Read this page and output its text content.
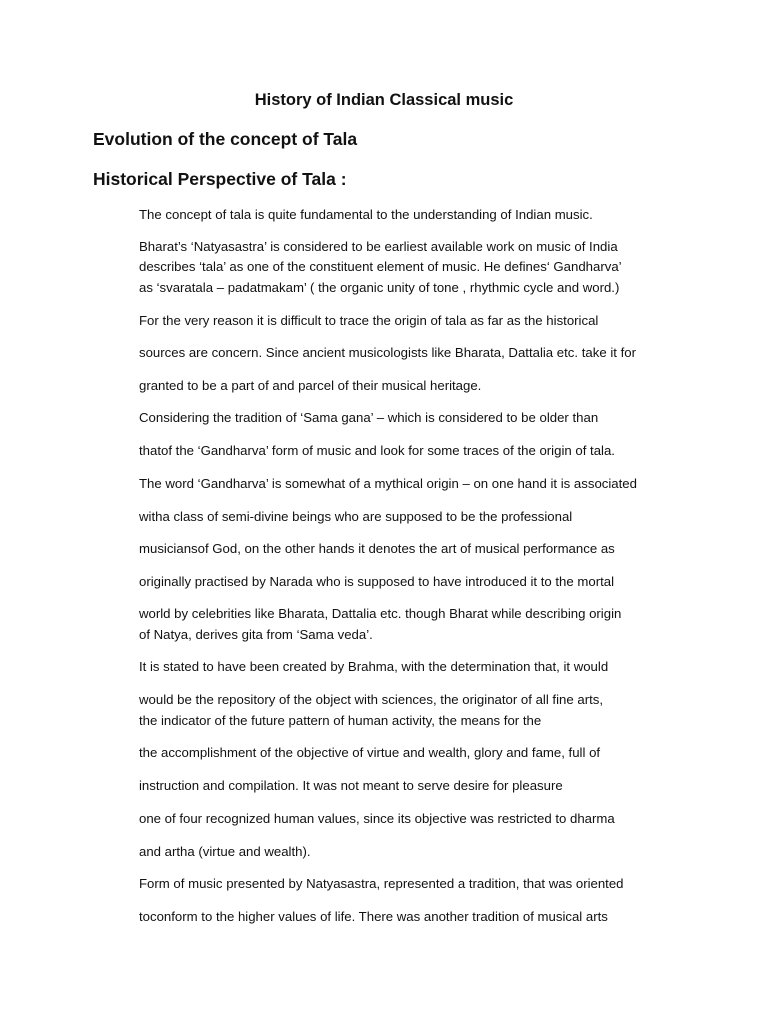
History of Indian Classical music
Evolution of the concept of Tala
Historical Perspective of Tala :
The concept of tala is quite fundamental to the understanding of Indian music.
Bharat’s ‘Natyasastra’ is considered to be earliest available work on music of India
describes ‘tala’ as one of the constituent element of music. He defines‘ Gandharva’
as ‘svaratala – padatmakam’ ( the organic unity of tone , rhythmic cycle and word.)
For the very reason it is difficult to trace the origin of tala as far as the historical
sources are concern. Since ancient musicologists like Bharata, Dattalia etc. take it for
granted to be a part of and parcel of their musical heritage.
Considering the tradition of ‘Sama gana’ – which is considered to be older than
thatof the ‘Gandharva’ form of music and look for some traces of the origin of tala.
The word ‘Gandharva’ is somewhat of a mythical origin – on one hand it is associated
witha class of semi-divine beings who are supposed to be the professional
musiciansof God, on the other hands it denotes the art of musical performance as
originally practised by Narada who is supposed to have introduced it to the mortal
world by celebrities like Bharata, Dattalia etc. though Bharat while describing origin
of Natya, derives gita from ‘Sama veda’.
It is stated to have been created by Brahma, with the determination that, it would
would be the repository of the object with sciences, the originator of all fine arts,
the indicator of the future pattern of human activity, the means for the
the accomplishment of the objective of virtue and wealth, glory and fame, full of
instruction and compilation. It was not meant to serve desire for pleasure
one of four recognized human values, since its objective was restricted to dharma
and artha (virtue and wealth).
Form of music presented by Natyasastra, represented a tradition, that was oriented
toconform to the higher values of life. There was another tradition of musical arts
